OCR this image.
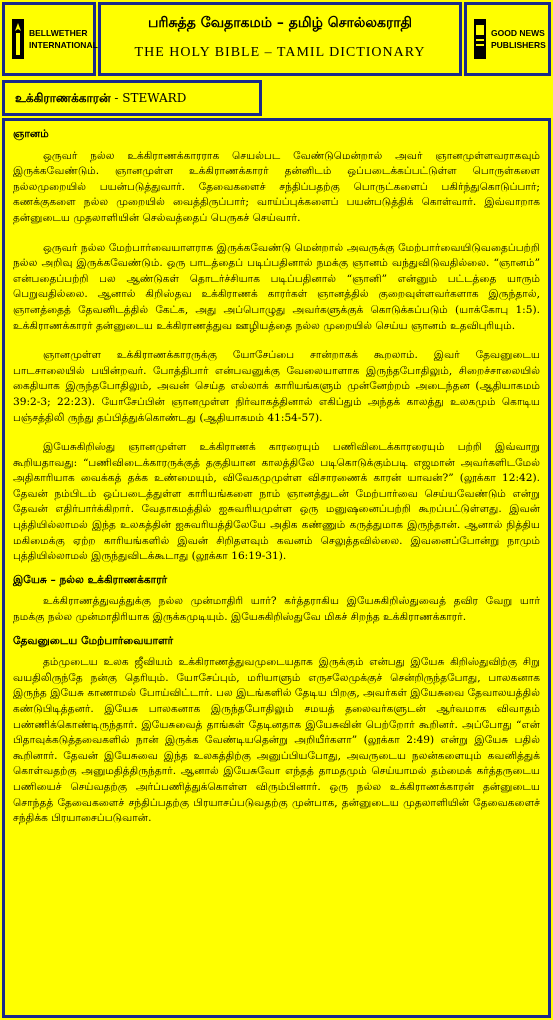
BELLWETHER
INTERNATIONAL
பரிசுத்த வேதாகமம் – தமிழ் சொல்லகராதி
THE HOLY BIBLE – TAMIL DICTIONARY
GOOD NEWS
PUBLISHERS
உக்கிராணக்காரன் - STEWARD
ஞானம்

ஒருவர் நல்ல உக்கிராணக்காரராக செயல்பட வேண்டுமென்றால் அவர் ஞானமுள்ளவராகவும் இருக்கவேண்டும். ஞானமுள்ள உக்கிராணக்காரர் தன்னிடம் ஒப்படைக்கப்பட்டுள்ள பொருள்களை நல்லமுறையில் பயன்படுத்துவார். தேவைகளைச் சந்திப்பதற்கு பொருட்களைப் பகிர்ந்துகொடுப்பார்; கணக்குகளை நல்ல முறையில் வைத்திருப்பார்; வாய்ப்புக்களைப் பயன்படுத்திக் கொள்வார். இவ்வாறாக தன்னுடைய முதலாளியின் செல்வத்தைப் பெருகச் செய்வார்.

ஒருவர் நல்ல மேற்பார்வையாளராக இருக்கவேண்டு மென்றால் அவருக்கு மேற்பார்வையிடுவதைப்பற்றி நல்ல அறிவு இருக்கவேண்டும். ஒரு பாடத்தைப் படிப்பதினால் நமக்கு ஞானம் வந்துவிடுவதில்லை. “ஞானம்” என்பதைப்பற்றி பல ஆண்டுகள் தொடர்ச்சியாக படிப்பதினால் “ஞானி” என்னும் பட்டத்தை யாரும் பெறுவதில்லை. ஆனால் கிறிஸ்தவ உக்கிராணக் காரர்கள் ஞானத்தில் குறைவுள்ளவர்களாக இருந்தால், ஞானத்தைத் தேவனிடத்தில் கேட்க, அது அப்பொழுது அவர்களுக்குக் கொடுக்கப்படும் (யாக்கோபு 1:5). உக்கிராணக்காரர் தன்னுடைய உக்கிராணத்துவ ஊழியத்தை நல்ல முறையில் செய்ய ஞானம் உதவிபுரியும்.

ஞானமுள்ள உக்கிராணக்காரருக்கு யோசேப்பை சான்றாகக் கூறலாம். இவர் தேவனுடைய பாடசாலையில் பயின்றவர். போத்திபார் என்பவனுக்கு வேலையாளாக இருந்தபோதிலும், சிறைச்சாலையில் கைதியாக இருந்தபோதிலும், அவன் செய்த எல்லாக் காரியங்களும் முன்னேற்றம் அடைந்தன (ஆதியாகமம் 39:2-3; 22:23). யோசேப்பின் ஞானமுள்ள நிர்வாகத்தினால் எகிப்தும் அந்தக் காலத்து உலகமும் கொடிய பஞ்சத்திலி ருந்து தப்பித்துக்கொண்டது (ஆதியாகமம் 41:54-57).

இயேசுகிறிஸ்து ஞானமுள்ள உக்கிராணக் காரரையும் பணிவிடைக்காரரையும் பற்றி இவ்வாறு கூறியதாவது: “பணிவிடைக்காரருக்குத் தகுதியான காலத்திலே படிகொடுக்கும்படி எஜமான் அவர்களிடமேல் அதிகாரியாக வைக்கத் தக்க உண்மையும், விவேகமுமுள்ள விசாரணைக் காரன் யாவன்?” (லூக்கா 12:42). தேவன் நம்பிடம் ஒப்படைத்துள்ள காரியங்களை நாம் ஞானத்துடன் மேற்பார்வை செய்யவேண்டும் என்று தேவன் எதிர்பார்க்கிறார். வேதாகமத்தில் ஐசுவரியமுள்ள ஒரு மனுஷனைப்பற்றி கூறப்பட்டுள்ளது. இவன் புத்தியில்லாமல் இந்த உலகத்தின் ஐசுவரியத்திலேயே அதிக கண்ணும் கருத்துமாக இருந்தான். ஆனால் நித்திய மகிமைக்கு ஏற்ற காரியங்களில் இவன் சிறிதளவும் கவனம் செலுத்தவில்லை. இவனைப்போன்று நாமும் புத்தியில்லாமல் இருந்துவிடக்கூடாது (லூக்கா 16:19-31).

இயேசு – நல்ல உக்கிராணக்காரர்

உக்கிராணத்துவத்துக்கு நல்ல முன்மாதிரி யார்? கர்த்தராகிய இயேசுகிறிஸ்துவைத் தவிர வேறு யார் நமக்கு நல்ல முன்மாதிரியாக இருக்கமுடியும். இயேசுகிறிஸ்துவே மிகச் சிறந்த உக்கிராணக்காரர்.

தேவனுடைய மேற்பார்வையாளர்

தம்முடைய உலக ஜீவியம் உக்கிராணத்துவமுடையதாக இருக்கும் என்பது இயேசு கிறிஸ்துவிற்கு சிறு வயதிலிருந்தே நன்கு தெரியும். யோசேப்பும், மரியாளும் எருசலேமுக்குச் சென்றிருந்தபோது, பாலகனாக இருந்த இயேசு காணாமல் போய்விட்டார். பல இடங்களில் தேடிய பிறகு, அவர்கள் இயேசுவை தேவாலயத்தில் கண்டுபிடித்தனர். இயேசு பாலகனாக இருந்தபோதிலும் சமயத் தலைவர்களுடன் ஆர்வமாக விவாதம் பண்ணிக்கொண்டிருந்தார். இயேசுவைத் தாங்கள் தேடினதாக இயேசுவின் பெற்றோர் கூறினர். அப்போது “என் பிதாவுக்கடுத்தவைகளில் நான் இருக்க வேண்டியதென்று அறியீர்களா” (லூக்கா 2:49) என்று இயேசு பதில் கூறினார். தேவன் இயேசுவை இந்த உலகத்திற்கு அனுப்பியபோது, அவருடைய நலன்களையும் கவனித்துக் கொள்வதற்கு அனுமதித்திருந்தார். ஆனால் இயேசுவோ எந்தத் தாமதமும் செய்யாமல் தம்மைக் கர்த்தருடைய பணியைச் செய்வதற்கு அர்ப்பணித்துக்கொள்ள விரும்பினார். ஒரு நல்ல உக்கிராணக்காரன் தன்னுடைய சொந்தத் தேவைகளைச் சந்திப்பதற்கு பிரயாசப்படுவதற்கு முன்பாக, தன்னுடைய முதலாளியின் தேவைகளைச் சந்திக்க பிரயாசைப்படுவான்.
